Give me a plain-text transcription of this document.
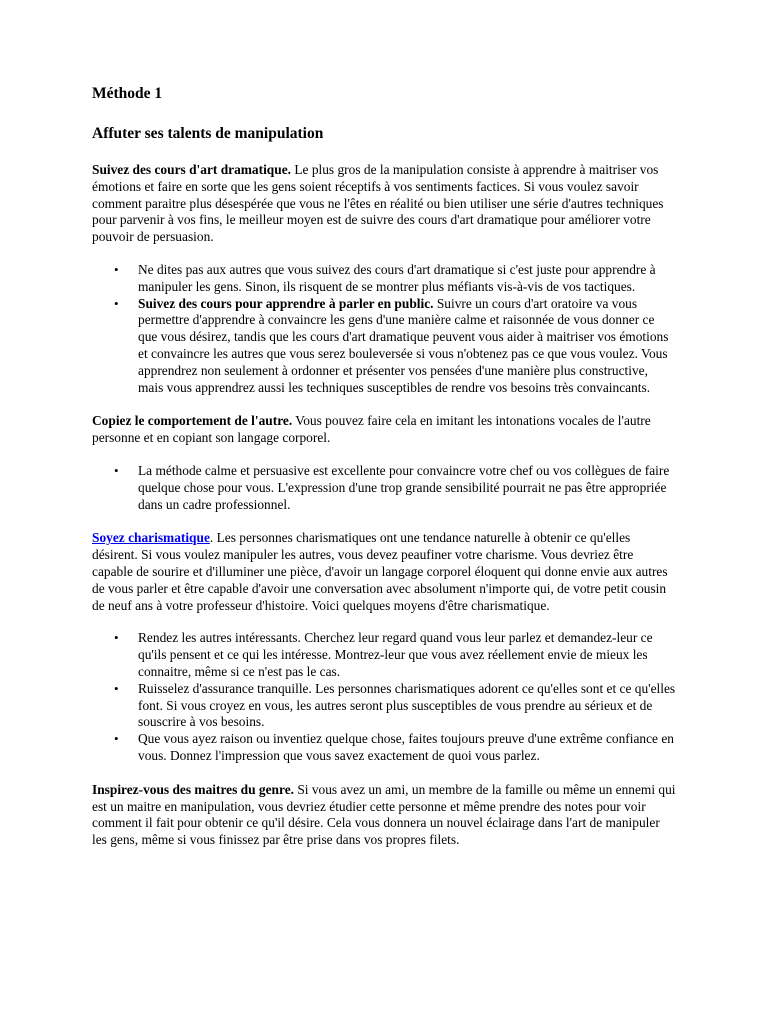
Méthode 1
Affuter ses talents de manipulation

Suivez des cours d'art dramatique. Le plus gros de la manipulation consiste à apprendre à maitriser vos émotions et faire en sorte que les gens soient réceptifs à vos sentiments factices. Si vous voulez savoir comment paraitre plus désespérée que vous ne l'êtes en réalité ou bien utiliser une série d'autres techniques pour parvenir à vos fins, le meilleur moyen est de suivre des cours d'art dramatique pour améliorer votre pouvoir de persuasion.

• Ne dites pas aux autres que vous suivez des cours d'art dramatique si c'est juste pour apprendre à manipuler les gens. Sinon, ils risquent de se montrer plus méfiants vis-à-vis de vos tactiques.
• Suivez des cours pour apprendre à parler en public. Suivre un cours d'art oratoire va vous permettre d'apprendre à convaincre les gens d'une manière calme et raisonnée de vous donner ce que vous désirez, tandis que les cours d'art dramatique peuvent vous aider à maitriser vos émotions et convaincre les autres que vous serez bouleversée si vous n'obtenez pas ce que vous voulez. Vous apprendrez non seulement à ordonner et présenter vos pensées d'une manière plus constructive, mais vous apprendrez aussi les techniques susceptibles de rendre vos besoins très convaincants.

Copiez le comportement de l'autre. Vous pouvez faire cela en imitant les intonations vocales de l'autre personne et en copiant son langage corporel.

• La méthode calme et persuasive est excellente pour convaincre votre chef ou vos collègues de faire quelque chose pour vous. L'expression d'une trop grande sensibilité pourrait ne pas être appropriée dans un cadre professionnel.

Soyez charismatique. Les personnes charismatiques ont une tendance naturelle à obtenir ce qu'elles désirent. Si vous voulez manipuler les autres, vous devez peaufiner votre charisme. Vous devriez être capable de sourire et d'illuminer une pièce, d'avoir un langage corporel éloquent qui donne envie aux autres de vous parler et être capable d'avoir une conversation avec absolument n'importe qui, de votre petit cousin de neuf ans à votre professeur d'histoire. Voici quelques moyens d'être charismatique.

• Rendez les autres intéressants. Cherchez leur regard quand vous leur parlez et demandez-leur ce qu'ils pensent et ce qui les intéresse. Montrez-leur que vous avez réellement envie de mieux les connaitre, même si ce n'est pas le cas.
• Ruisselez d'assurance tranquille. Les personnes charismatiques adorent ce qu'elles sont et ce qu'elles font. Si vous croyez en vous, les autres seront plus susceptibles de vous prendre au sérieux et de souscrire à vos besoins.
• Que vous ayez raison ou inventiez quelque chose, faites toujours preuve d'une extrême confiance en vous. Donnez l'impression que vous savez exactement de quoi vous parlez.

Inspirez-vous des maitres du genre. Si vous avez un ami, un membre de la famille ou même un ennemi qui est un maitre en manipulation, vous devriez étudier cette personne et même prendre des notes pour voir comment il fait pour obtenir ce qu'il désire. Cela vous donnera un nouvel éclairage dans l'art de manipuler les gens, même si vous finissez par être prise dans vos propres filets.
